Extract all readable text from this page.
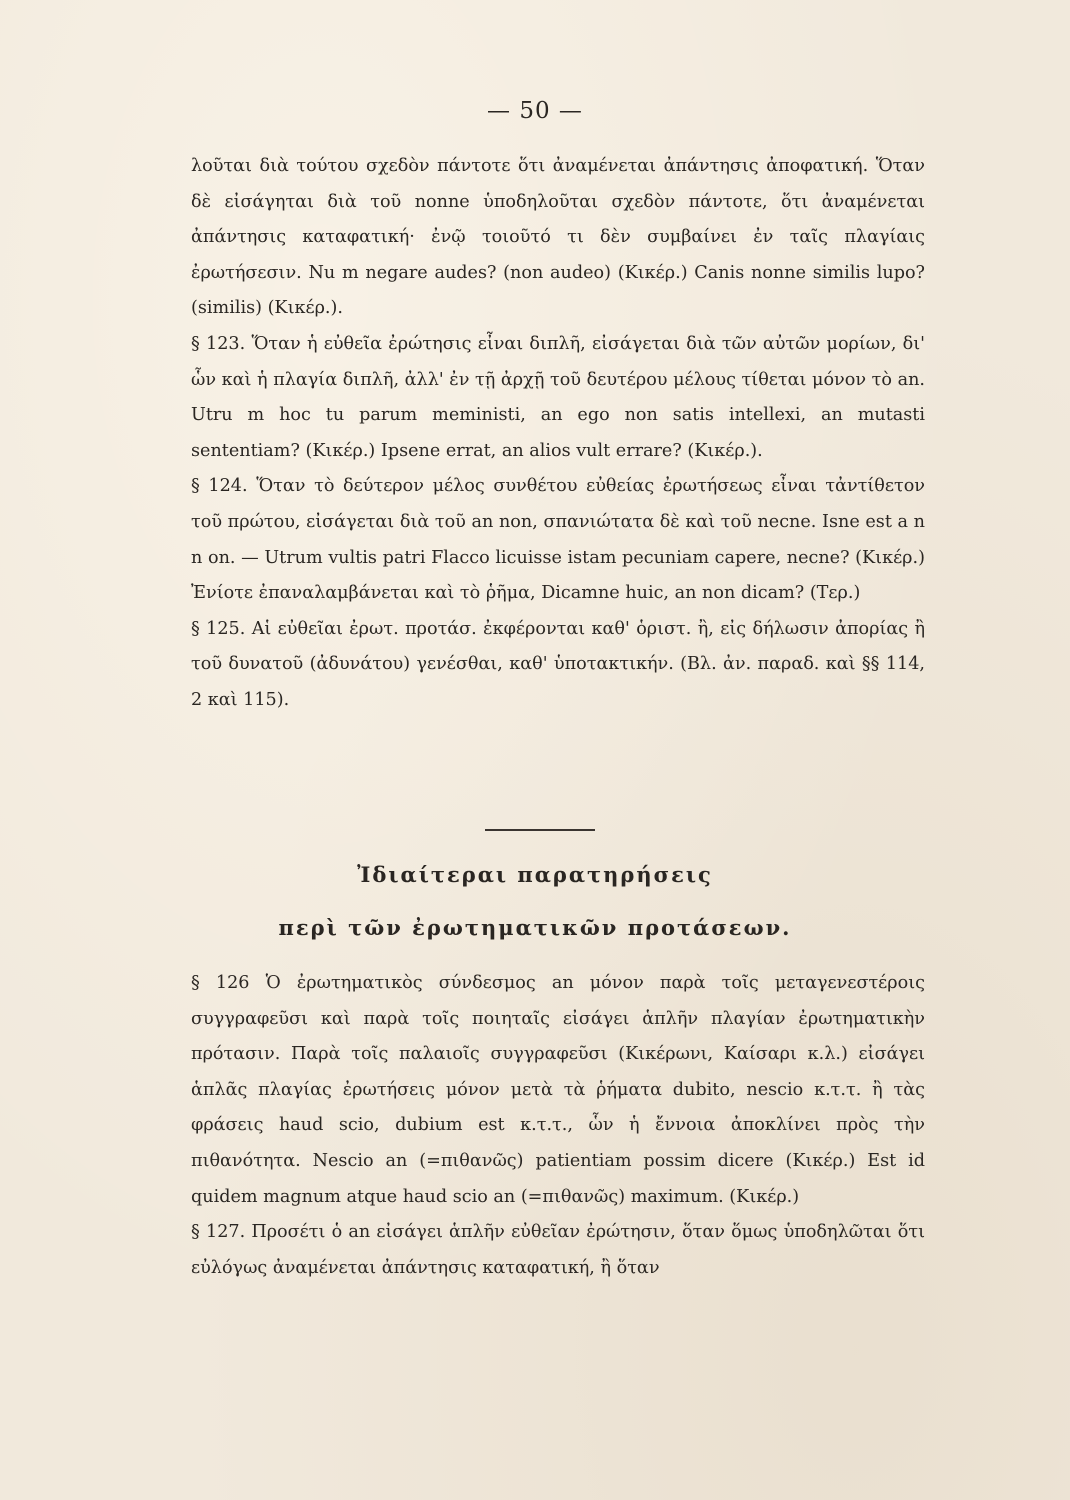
— 50 —

λοῦται διὰ τούτου σχεδὸν πάντοτε ὅτι ἀναμένεται ἀπάντησις ἀποφατική. Ὅταν δὲ εἰσάγηται διὰ τοῦ nonne ὑποδηλοῦται σχεδὸν πάντοτε, ὅτι ἀναμένεται ἀπάντησις καταφατική· ἐνῷ τοιοῦτό τι δὲν συμβαίνει ἐν ταῖς πλαγίαις ἐρωτήσεσιν. Nu m negare audes? (non audeo) (Κικέρ.) Canis nonne similis lupo? (similis) (Κικέρ.).

§ 123. Ὅταν ἡ εὐθεῖα ἐρώτησις εἶναι διπλῆ, εἰσάγεται διὰ τῶν αὐτῶν μορίων, δι' ὧν καὶ ἡ πλαγία διπλῆ, ἀλλ' ἐν τῇ ἀρχῇ τοῦ δευτέρου μέλους τίθεται μόνον τὸ an. Utru m hoc tu parum meministi, an ego non satis intellexi, an mutasti sententiam? (Κικέρ.) Ipsene errat, an alios vult errare? (Κικέρ.).

§ 124. Ὅταν τὸ δεύτερον μέλος συνθέτου εὐθείας ἐρωτήσεως εἶναι τἀντίθετον τοῦ πρώτου, εἰσάγεται διὰ τοῦ an non, σπανιώτατα δὲ καὶ τοῦ necne. Isne est a n n on. — Utrum vultis patri Flacco licuisse istam pecuniam capere, necne? (Κικέρ.) Ἐνίοτε ἐπαναλαμβάνεται καὶ τὸ ῥῆμα, Dicamne huic, an non dicam? (Τερ.)

§ 125. Αἱ εὐθεῖαι ἐρωτ. προτάσ. ἐκφέρονται καθ' ὁριστ. ἢ, εἰς δήλωσιν ἀπορίας ἢ τοῦ δυνατοῦ (ἀδυνάτου) γενέσθαι, καθ' ὑποτακτικήν. (Βλ. ἀν. παραδ. καὶ §§ 114, 2 καὶ 115).

Ἰδιαίτεραι παρατηρήσεις
περὶ τῶν ἐρωτηματικῶν προτάσεων.

§ 126 Ὁ ἐρωτηματικὸς σύνδεσμος an μόνον παρὰ τοῖς μεταγενεστέροις συγγραφεῦσι καὶ παρὰ τοῖς ποιηταῖς εἰσάγει ἁπλῆν πλαγίαν ἐρωτηματικὴν πρότασιν. Παρὰ τοῖς παλαιοῖς συγγραφεῦσι (Κικέρωνι, Καίσαρι κ.λ.) εἰσάγει ἁπλᾶς πλαγίας ἐρωτήσεις μόνον μετὰ τὰ ῥήματα dubito, nescio κ.τ.τ. ἢ τὰς φράσεις haud scio, dubium est κ.τ.τ., ὧν ἡ ἔννοια ἀποκλίνει πρὸς τὴν πιθανότητα. Nescio an (=πιθανῶς) patientiam possim dicere (Κικέρ.) Est id quidem magnum atque haud scio an (=πιθανῶς) maximum. (Κικέρ.)

§ 127. Προσέτι ὁ an εἰσάγει ἁπλῆν εὐθεῖαν ἐρώτησιν, ὅταν ὅμως ὑποδηλῶται ὅτι εὐλόγως ἀναμένεται ἀπάντησις καταφατική, ἢ ὅταν
